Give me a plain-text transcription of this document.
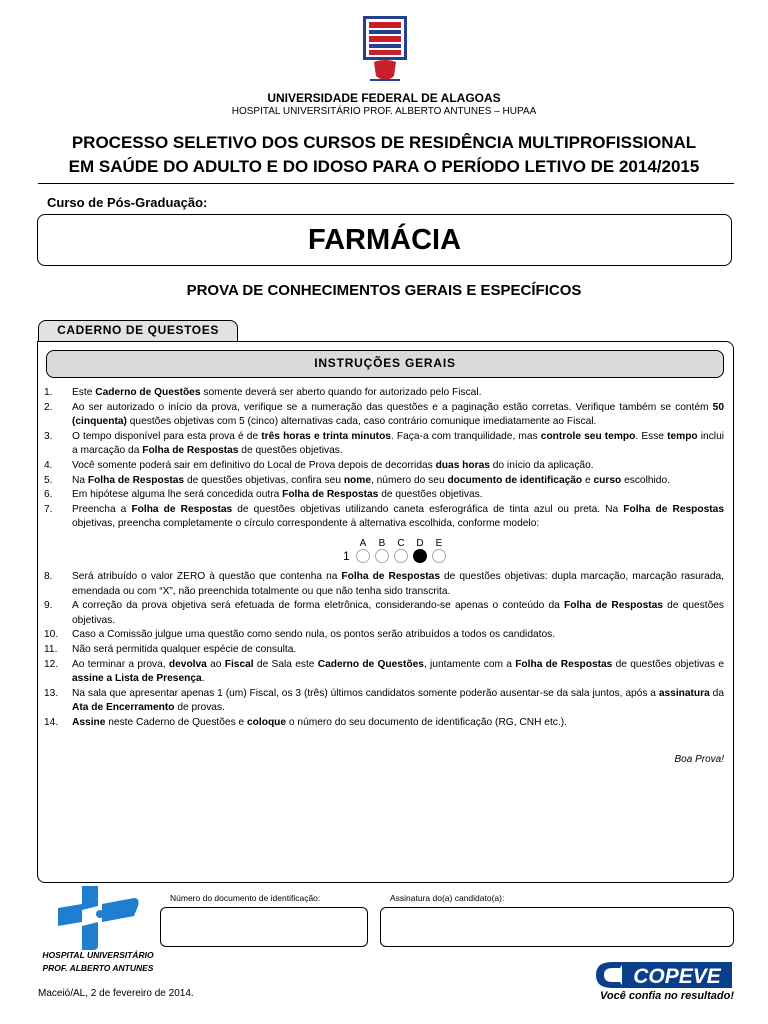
UNIVERSIDADE FEDERAL DE ALAGOAS
HOSPITAL UNIVERSITÁRIO PROF. ALBERTO ANTUNES – HUPAA
PROCESSO SELETIVO DOS CURSOS DE RESIDÊNCIA MULTIPROFISSIONAL
EM SAÚDE DO ADULTO E DO IDOSO PARA O PERÍODO LETIVO DE 2014/2015
Curso de Pós-Graduação:
FARMÁCIA
PROVA DE CONHECIMENTOS GERAIS E ESPECÍFICOS
CADERNO DE QUESTOES
INSTRUÇÕES GERAIS
1.	Este Caderno de Questões somente deverá ser aberto quando for autorizado pelo Fiscal.
2.	Ao ser autorizado o início da prova, verifique se a numeração das questões e a paginação estão corretas. Verifique também se contém 50 (cinquenta) questões objetivas com 5 (cinco) alternativas cada, caso contrário comunique imediatamente ao Fiscal.
3.	O tempo disponível para esta prova é de três horas e trinta minutos. Faça-a com tranquilidade, mas controle seu tempo. Esse tempo inclui a marcação da Folha de Respostas de questões objetivas.
4.	Você somente poderá sair em definitivo do Local de Prova depois de decorridas duas horas do início da aplicação.
5.	Na Folha de Respostas de questões objetivas, confira seu nome, número do seu documento de identificação e curso escolhido.
6.	Em hipótese alguma lhe será concedida outra Folha de Respostas de questões objetivas.
7.	Preencha a Folha de Respostas de questões objetivas utilizando caneta esferográfica de tinta azul ou preta. Na Folha de Respostas objetivas, preencha completamente o círculo correspondente à alternativa escolhida, conforme modelo:
8.	Será atribuído o valor ZERO à questão que contenha na Folha de Respostas de questões objetivas: dupla marcação, marcação rasurada, emendada ou com “X”, não preenchida totalmente ou que não tenha sido transcrita.
9.	A correção da prova objetiva será efetuada de forma eletrônica, considerando-se apenas o conteúdo da Folha de Respostas de questões objetivas.
10.	Caso a Comissão julgue uma questão como sendo nula, os pontos serão atribuídos a todos os candidatos.
11.	Não será permitida qualquer espécie de consulta.
12.	Ao terminar a prova, devolva ao Fiscal de Sala este Caderno de Questões, juntamente com a Folha de Respostas de questões objetivas e assine a Lista de Presença.
13.	Na sala que apresentar apenas 1 (um) Fiscal, os 3 (três) últimos candidatos somente poderão ausentar-se da sala juntos, após a assinatura da Ata de Encerramento de provas.
14.	Assine neste Caderno de Questões e coloque o número do seu documento de identificação (RG, CNH etc.).
1
A B C D E
Boa Prova!
HOSPITAL UNIVERSITÁRIO
PROF. ALBERTO ANTUNES
Número do documento de identificação:	Assinatura do(a) candidato(a):
Maceió/AL, 2 de fevereiro de 2014.
COPEVE
Você confia no resultado!
